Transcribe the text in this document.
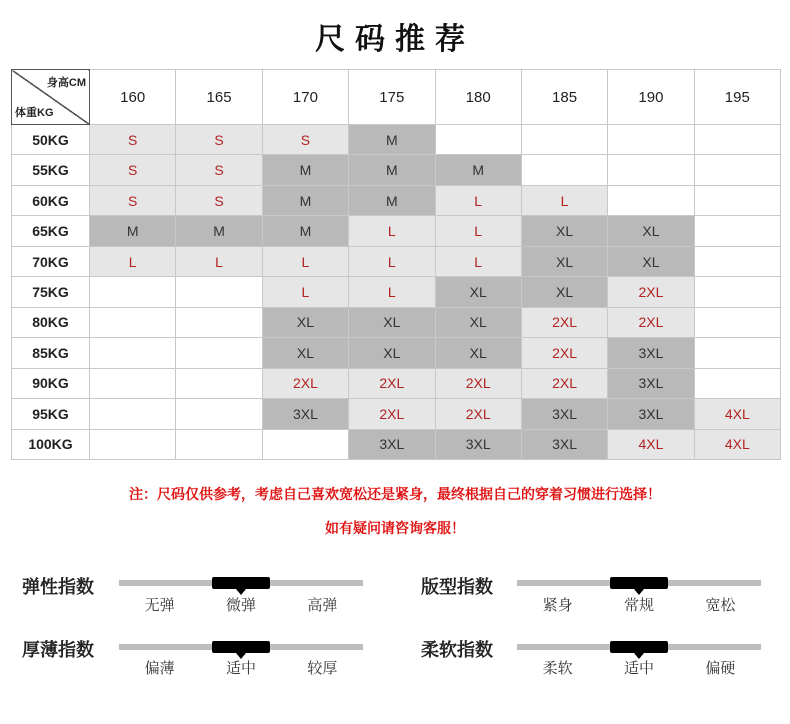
尺码推荐
身高CM
体重KG	160	165	170	175	180	185	190	195
50KG	S	S	S	M				
55KG	S	S	M	M	M			
60KG	S	S	M	M	L	L		
65KG	M	M	M	L	L	XL	XL	
70KG	L	L	L	L	L	XL	XL	
75KG			L	L	XL	XL	2XL	
80KG			XL	XL	XL	2XL	2XL	
85KG			XL	XL	XL	2XL	3XL	
90KG			2XL	2XL	2XL	2XL	3XL	
95KG			3XL	2XL	2XL	3XL	3XL	4XL
100KG				3XL	3XL	3XL	4XL	4XL
注：尺码仅供参考，考虑自己喜欢宽松还是紧身，最终根据自己的穿着习惯进行选择！
如有疑问请咨询客服！
弹性指数
无弹	微弹	高弹
版型指数
紧身	常规	宽松
厚薄指数
偏薄	适中	较厚
柔软指数
柔软	适中	偏硬
